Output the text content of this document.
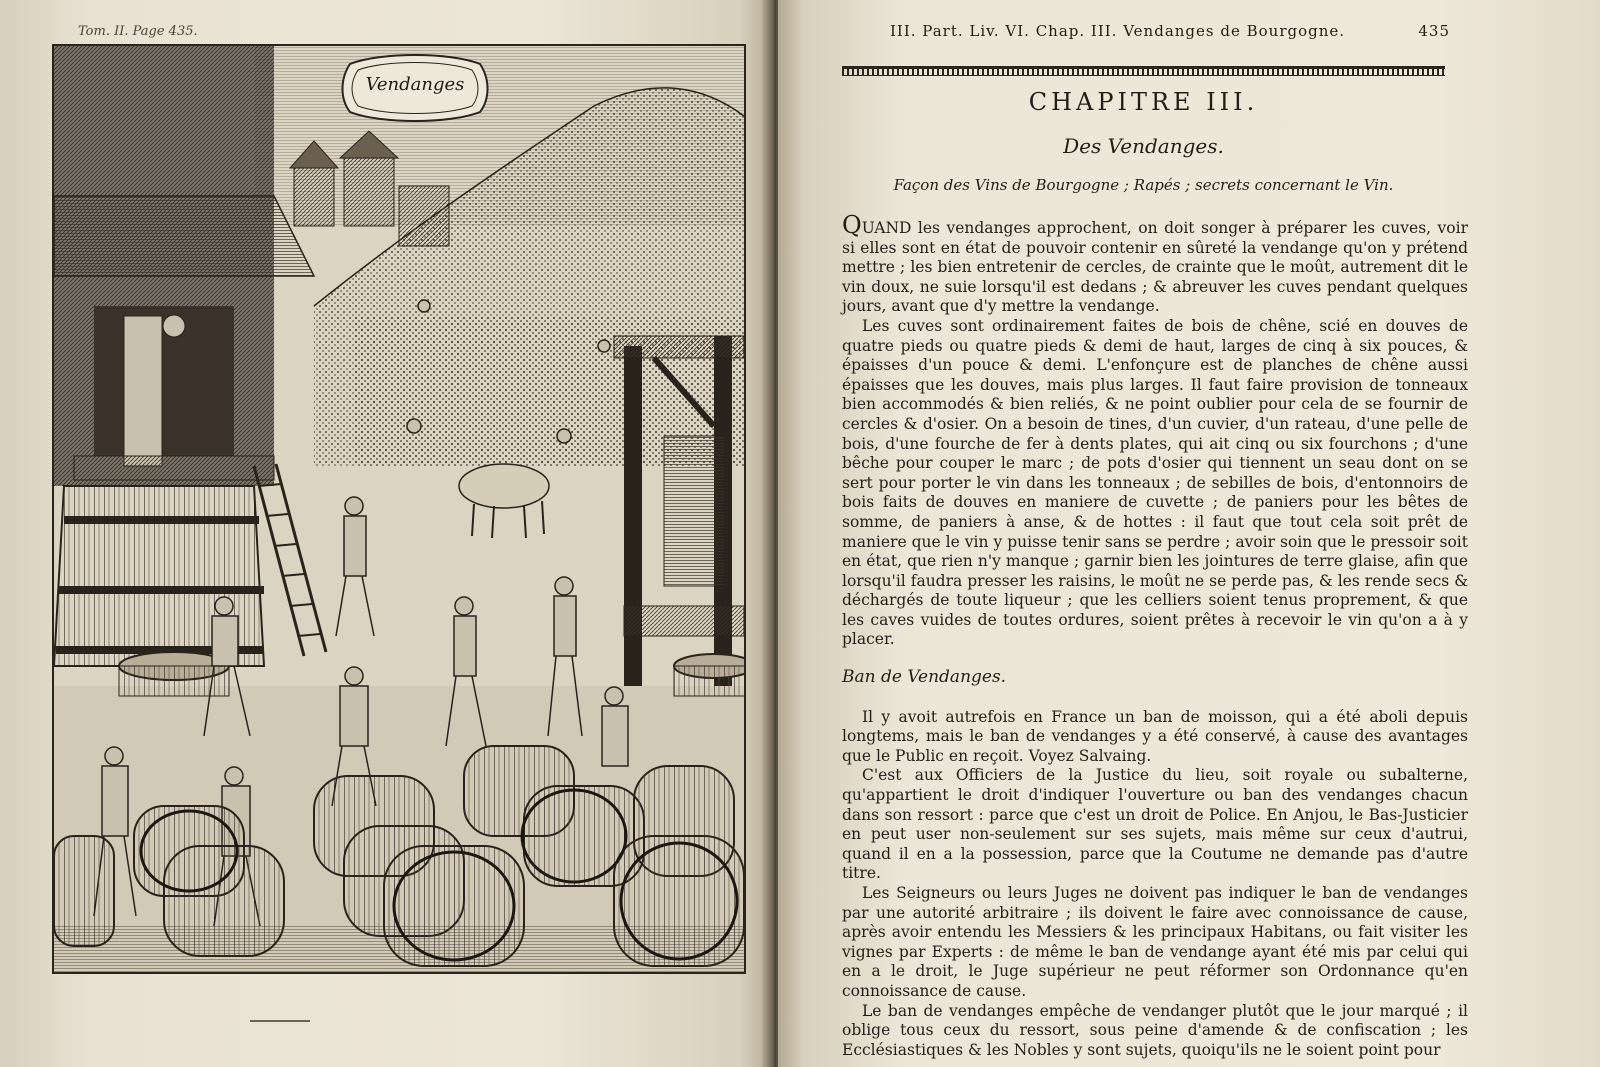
Tom. II. Page 435.
Vendanges
III. Part. Liv. VI. Chap. III. Vendanges de Bourgogne.	435
CHAPITRE III.
Des Vendanges.
Façon des Vins de Bourgogne ; Rapés ; secrets concernant le Vin.

QUAND les vendanges approchent, on doit songer à préparer les cuves, voir si elles sont en état de pouvoir contenir en sûreté la vendange qu'on y prétend mettre ; les bien entretenir de cercles, de crainte que le moût, autrement dit le vin doux, ne suie lorsqu'il est dedans ; & abreuver les cuves pendant quelques jours, avant que d'y mettre la vendange.

Les cuves sont ordinairement faites de bois de chêne, scié en douves de quatre pieds ou quatre pieds & demi de haut, larges de cinq à six pouces, & épaisses d'un pouce & demi. L'enfonçure est de planches de chêne aussi épaisses que les douves, mais plus larges. Il faut faire provision de tonneaux bien accommodés & bien reliés, & ne point oublier pour cela de se fournir de cercles & d'osier. On a besoin de tines, d'un cuvier, d'un rateau, d'une pelle de bois, d'une fourche de fer à dents plates, qui ait cinq ou six fourchons ; d'une bêche pour couper le marc ; de pots d'osier qui tiennent un seau dont on se sert pour porter le vin dans les tonneaux ; de sebilles de bois, d'entonnoirs de bois faits de douves en maniere de cuvette ; de paniers pour les bêtes de somme, de paniers à anse, & de hottes : il faut que tout cela soit prêt de maniere que le vin y puisse tenir sans se perdre ; avoir soin que le pressoir soit en état, que rien n'y manque ; garnir bien les jointures de terre glaise, afin que lorsqu'il faudra presser les raisins, le moût ne se perde pas, & les rende secs & déchargés de toute liqueur ; que les celliers soient tenus proprement, & que les caves vuides de toutes ordures, soient prêtes à recevoir le vin qu'on a à y placer.

Ban de Vendanges.

Il y avoit autrefois en France un ban de moisson, qui a été aboli depuis longtems, mais le ban de vendanges y a été conservé, à cause des avantages que le Public en reçoit. Voyez Salvaing.

C'est aux Officiers de la Justice du lieu, soit royale ou subalterne, qu'appartient le droit d'indiquer l'ouverture ou ban des vendanges chacun dans son ressort : parce que c'est un droit de Police. En Anjou, le Bas-Justicier en peut user non-seulement sur ses sujets, mais même sur ceux d'autrui, quand il en a la possession, parce que la Coutume ne demande pas d'autre titre.

Les Seigneurs ou leurs Juges ne doivent pas indiquer le ban de vendanges par une autorité arbitraire ; ils doivent le faire avec connoissance de cause, après avoir entendu les Messiers & les principaux Habitans, ou fait visiter les vignes par Experts : de même le ban de vendange ayant été mis par celui qui en a le droit, le Juge supérieur ne peut réformer son Ordonnance qu'en connoissance de cause.

Le ban de vendanges empêche de vendanger plutôt que le jour marqué ; il oblige tous ceux du ressort, sous peine d'amende & de confiscation ; les Ecclésiastiques & les Nobles y sont sujets, quoiqu'ils ne le soient point pour
